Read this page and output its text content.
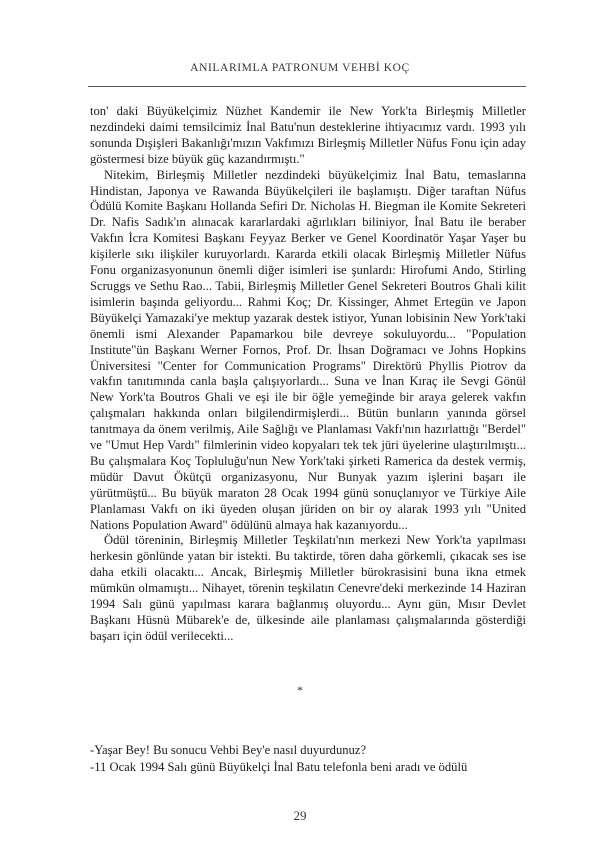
ANILARIMLA PATRONUM VEHBİ KOÇ

ton' daki Büyükelçimiz Nüzhet Kandemir ile New York'ta Birleşmiş Milletler nezdindeki daimi temsilcimiz İnal Batu'nun desteklerine ihtiyacımız vardı. 1993 yılı sonunda Dışişleri Bakanlığı'mızın Vakfımızı Birleşmiş Milletler Nüfus Fonu için aday göstermesi bize büyük güç kazandırmıştı."

Nitekim, Birleşmiş Milletler nezdindeki büyükelçimiz İnal Batu, temaslarına Hindistan, Japonya ve Rawanda Büyükelçileri ile başlamıştı. Diğer taraftan Nüfus Ödülü Komite Başkanı Hollanda Sefiri Dr. Nicholas H. Biegman ile Komite Sekreteri Dr. Nafis Sadık'ın alınacak kararlardaki ağırlıkları biliniyor, İnal Batu ile beraber Vakfın İcra Komitesi Başkanı Feyyaz Berker ve Genel Koordinatör Yaşar Yaşer bu kişilerle sıkı ilişkiler kuruyorlardı. Kararda etkili olacak Birleşmiş Milletler Nüfus Fonu organizasyonunun önemli diğer isimleri ise şunlardı: Hirofumi Ando, Stirling Scruggs ve Sethu Rao... Tabii, Birleşmiş Milletler Genel Sekreteri Boutros Ghali kilit isimlerin başında geliyordu... Rahmi Koç; Dr. Kissinger, Ahmet Ertegün ve Japon Büyükelçi Yamazaki'ye mektup yazarak destek istiyor, Yunan lobisinin New York'taki önemli ismi Alexander Papamarkou bile devreye sokuluyordu... "Population Institute"ün Başkanı Werner Fornos, Prof. Dr. İhsan Doğramacı ve Johns Hopkins Üniversitesi "Center for Communication Programs" Direktörü Phyllis Piotrov da vakfın tanıtımında canla başla çalışıyorlardı... Suna ve İnan Kıraç ile Sevgi Gönül New York'ta Boutros Ghali ve eşi ile bir öğle yemeğinde bir araya gelerek vakfın çalışmaları hakkında onları bilgilendirmişlerdi... Bütün bunların yanında görsel tanıtmaya da önem verilmiş, Aile Sağlığı ve Planlaması Vakfı'nın hazırlattığı "Berdel" ve "Umut Hep Vardı" filmlerinin video kopyaları tek tek jüri üyelerine ulaştırılmıştı... Bu çalışmalara Koç Topluluğu'nun New York'taki şirketi Ramerica da destek vermiş, müdür Davut Ökütçü organizasyonu, Nur Bunyak yazım işlerini başarı ile yürütmüştü... Bu büyük maraton 28 Ocak 1994 günü sonuçlanıyor ve Türkiye Aile Planlaması Vakfı on iki üyeden oluşan jüriden on bir oy alarak 1993 yılı "United Nations Population Award" ödülünü almaya hak kazanıyordu...

Ödül töreninin, Birleşmiş Milletler Teşkilatı'nın merkezi New York'ta yapılması herkesin gönlünde yatan bir istekti. Bu taktirde, tören daha görkemli, çıkacak ses ise daha etkili olacaktı... Ancak, Birleşmiş Milletler bürokrasisini buna ikna etmek mümkün olmamıştı... Nihayet, törenin teşkilatın Cenevre'deki merkezinde 14 Haziran 1994 Salı günü yapılması karara bağlanmış oluyordu... Aynı gün, Mısır Devlet Başkanı Hüsnü Mübarek'e de, ülkesinde aile planlaması çalışmalarında gösterdiği başarı için ödül verilecekti...

*

-Yaşar Bey! Bu sonucu Vehbi Bey'e nasıl duyurdunuz?

-11 Ocak 1994 Salı günü Büyükelçi İnal Batu telefonla beni aradı ve ödülü

29
